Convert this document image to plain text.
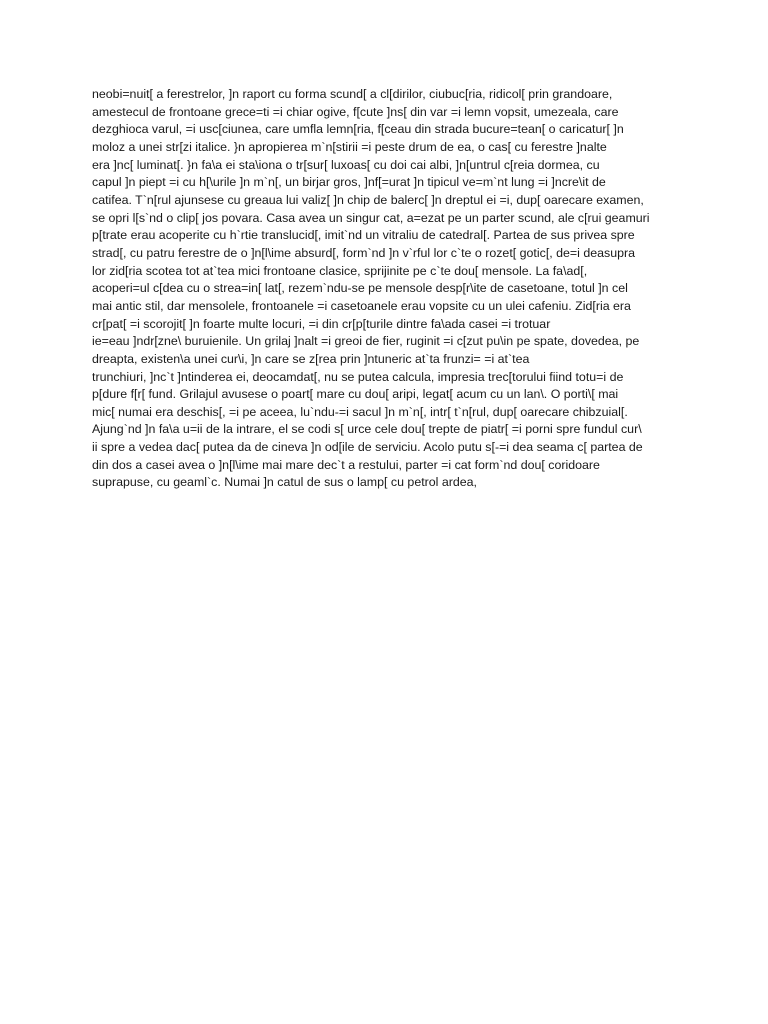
neobi=nuit[ a ferestrelor, ]n raport cu forma scund[ a cl[dirilor, ciubuc[ria, ridicol[ prin grandoare,
amestecul de frontoane grece=ti =i chiar ogive, f[cute ]ns[ din var =i lemn vopsit, umezeala, care
dezghioca varul, =i usc[ciunea, care umfla lemn[ria, f[ceau din strada bucure=tean[ o caricatur[ ]n
moloz a unei str[zi italice. }n apropierea m`n[stirii =i peste drum de ea, o cas[ cu ferestre ]nalte
era ]nc[ luminat[. }n fa\a ei sta\iona o tr[sur[ luxoas[ cu doi cai albi, ]n[untrul c[reia dormea, cu
capul ]n piept =i cu h[\urile ]n m`n[, un birjar gros, ]nf[=urat ]n tipicul ve=m`nt lung =i ]ncre\it de
catifea. T`n[rul ajunsese cu greaua lui valiz[ ]n chip de balerc[ ]n dreptul ei =i, dup[ oarecare examen,
se opri l[s`nd o clip[ jos povara. Casa avea un singur cat, a=ezat pe un parter scund, ale c[rui geamuri
p[trate erau acoperite cu h`rtie translucid[, imit`nd un vitraliu de catedral[. Partea de sus privea spre
strad[, cu patru ferestre de o ]n[l\ime absurd[, form`nd ]n v`rful lor c`te o rozet[ gotic[, de=i deasupra
lor zid[ria scotea tot at`tea mici frontoane clasice, sprijinite pe c`te dou[ mensole. La fa\ad[,
acoperi=ul c[dea cu o strea=in[ lat[, rezem`ndu-se pe mensole desp[r\ite de casetoane, totul ]n cel
mai antic stil, dar mensolele, frontoanele =i casetoanele erau vopsite cu un ulei cafeniu. Zid[ria era
cr[pat[ =i scorojit[ ]n foarte multe locuri, =i din cr[p[turile dintre fa\ada casei =i trotuar
ie=eau ]ndr[zne\ buruienile. Un grilaj ]nalt =i greoi de fier, ruginit =i c[zut pu\in pe spate, dovedea, pe
dreapta, existen\a unei cur\i, ]n care se z[rea prin ]ntuneric at`ta frunzi= =i at`tea
trunchiuri, ]nc`t ]ntinderea ei, deocamdat[, nu se putea calcula, impresia trec[torului fiind totu=i de
p[dure f[r[ fund. Grilajul avusese o poart[ mare cu dou[ aripi, legat[ acum cu un lan\. O porti\[ mai
mic[ numai era deschis[, =i pe aceea, lu`ndu-=i sacul ]n m`n[, intr[ t`n[rul, dup[ oarecare chibzuial[.
Ajung`nd ]n fa\a u=ii de la intrare, el se codi s[ urce cele dou[ trepte de piatr[ =i porni spre fundul cur\
ii spre a vedea dac[ putea da de cineva ]n od[ile de serviciu. Acolo putu s[-=i dea seama c[ partea de
din dos a casei avea o ]n[l\ime mai mare dec`t a restului, parter =i cat form`nd dou[ coridoare
suprapuse, cu geaml`c. Numai ]n catul de sus o lamp[ cu petrol ardea,
